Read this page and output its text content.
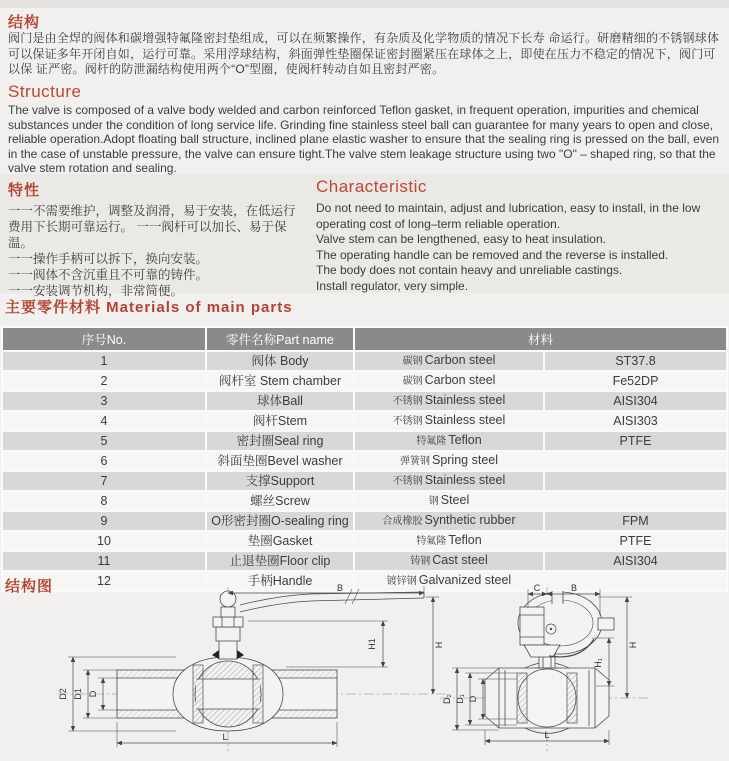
结构
阀门是由全焊的阀体和碳增强特氟隆密封垫组成，可以在频繁操作，有杂质及化学物质的情况下长寿 命运行。研磨精细的不锈钢球体可以保证多年开闭自如，运行可靠。采用浮球结构，斜面弹性垫圈保证密封圈紧压在球体之上，即使在压力不稳定的情况下，阀门可以保 证严密。阀杆的防泄漏结构使用两个“O”型圈，使阀杆转动自如且密封严密。
Structure
The valve is composed of a valve body welded and carbon reinforced Teflon gasket, in frequent operation, impurities and chemical substances under the condition of long service life. Grinding fine stainless steel ball can guarantee for many years to open and close, reliable operation.Adopt floating ball structure, inclined plane elastic washer to ensure that the sealing ring is pressed on the ball, even in the case of unstable pressure, the valve can ensure tight.The valve stem leakage structure using two "O" – shaped ring, so that the valve stem rotation and sealing.
特性
一一不需要维护，调整及润滑，易于安装，在低运行
费用下长期可靠运行。 一一阀杆可以加长、易于保温。
一一操作手柄可以拆下，换向安装。
一一阀体不含沉重且不可靠的铸件。
一一安装调节机构，非常简便。
Characteristic
Do not need to maintain, adjust and lubrication, easy to install, in the low operating cost of long–term reliable operation.
Valve stem can be lengthened, easy to heat insulation.
The operating handle can be removed and the reverse is installed.
The body does not contain heavy and unreliable castings.
Install regulator, very simple.
主要零件材料 Materials of main parts
序号No.	零件名称Part name	材料	
1	阀体 Body	碳钢 Carbon steel	ST37.8
2	阀杆室 Stem chamber	碳钢 Carbon steel	Fe52DP
3	球体Ball	不锈钢 Stainless steel	AISI304
4	阀杆Stem	不锈钢 Stainless steel	AISI303
5	密封圈Seal ring	特氟隆 Teflon	PTFE
6	斜面垫圈Bevel washer	弹簧钢 Spring steel	
7	支撑Support	不锈钢 Stainless steel	
8	螺丝Screw	钢 Steel	
9	O形密封圈O-sealing ring	合成橡胶 Synthetic rubber	FPM
10	垫圈Gasket	特氟隆 Teflon	PTFE
11	止退垫圈Floor clip	铸钢 Cast steel	AISI304
12	手柄Handle	镀锌钢 Galvanized steel	
结构图	B
H
H1
D2 D1 D
L
C	B
H
H₁
D₂ D₁ D
L
